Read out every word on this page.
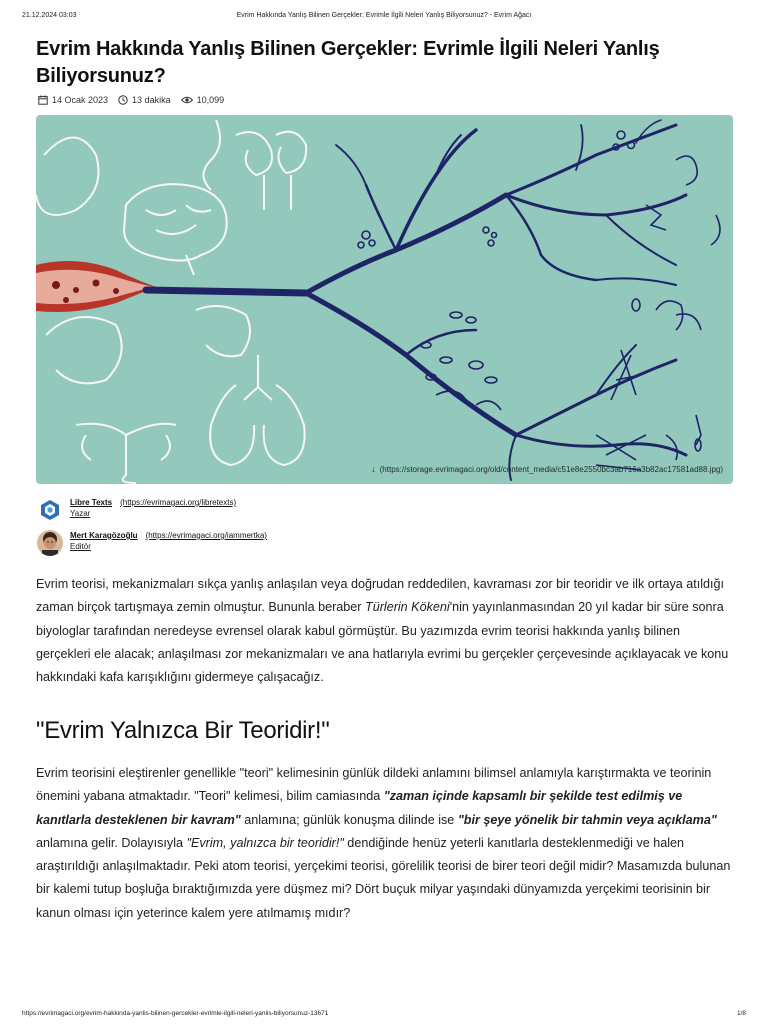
21.12.2024 03:03	Evrim Hakkında Yanlış Bilinen Gerçekler: Evrimle İlgili Neleri Yanlış Biliyorsunuz? - Evrim Ağacı
Evrim Hakkında Yanlış Bilinen Gerçekler: Evrimle İlgili Neleri Yanlış Biliyorsunuz?
14 Ocak 2023	13 dakika	10,099
↓ (https://storage.evrimagaci.org/old/content_media/c51e8e2550bc3ab716a3b82ac17581ad88.jpg)
Libre Texts (https://evrimagaci.org/libretexts)
Yazar
Mert Karagözoğlu (https://evrimagaci.org/iammertka)
Editör

Evrim teorisi, mekanizmaları sıkça yanlış anlaşılan veya doğrudan reddedilen, kavraması zor bir teoridir ve ilk ortaya atıldığı zaman birçok tartışmaya zemin olmuştur. Bununla beraber Türlerin Kökeni'nin yayınlanmasından 20 yıl kadar bir süre sonra biyologlar tarafından neredeyse evrensel olarak kabul görmüştür. Bu yazımızda evrim teorisi hakkında yanlış bilinen gerçekleri ele alacak; anlaşılması zor mekanizmaları ve ana hatlarıyla evrimi bu gerçekler çerçevesinde açıklayacak ve konu hakkındaki kafa karışıklığını gidermeye çalışacağız.

"Evrim Yalnızca Bir Teoridir!"

Evrim teorisini eleştirenler genellikle "teori" kelimesinin günlük dildeki anlamını bilimsel anlamıyla karıştırmakta ve teorinin önemini yabana atmaktadır. "Teori" kelimesi, bilim camiasında "zaman içinde kapsamlı bir şekilde test edilmiş ve kanıtlarla desteklenen bir kavram" anlamına; günlük konuşma dilinde ise "bir şeye yönelik bir tahmin veya açıklama" anlamına gelir. Dolayısıyla "Evrim, yalnızca bir teoridir!" dendiğinde henüz yeterli kanıtlarla desteklenmediği ve halen araştırıldığı anlaşılmaktadır. Peki atom teorisi, yerçekimi teorisi, görelilik teorisi de birer teori değil midir? Masamızda bulunan bir kalemi tutup boşluğa bıraktığımızda yere düşmez mi? Dört buçuk milyar yaşındaki dünyamızda yerçekimi teorisinin bir kanun olması için yeterince kalem yere atılmamış mıdır?

https://evrimagaci.org/evrim-hakkinda-yanlis-bilinen-gercekler-evrimle-ilgili-neleri-yanlis-biliyorsunuz-13671	1/8
